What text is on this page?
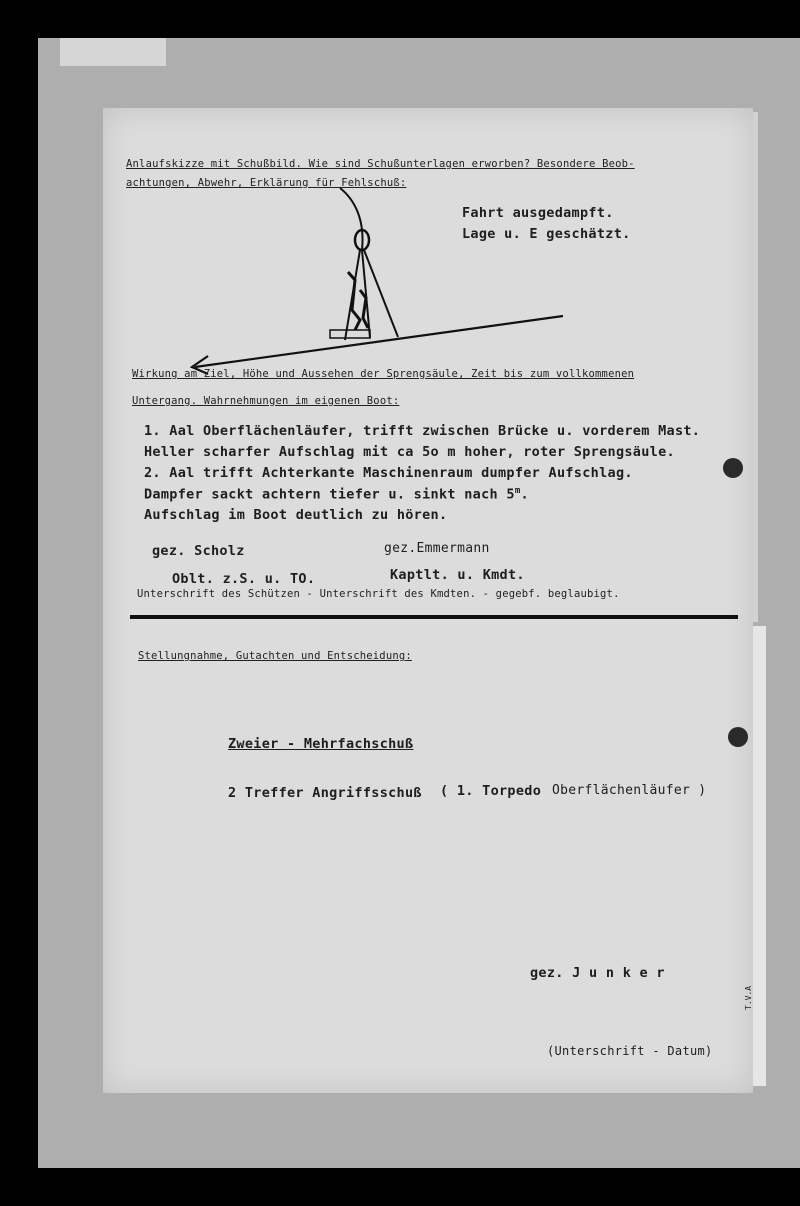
Anlaufskizze mit Schußbild. Wie sind Schußunterlagen erworben? Besondere Beob-
achtungen, Abwehr, Erklärung für Fehlschuß:
Fahrt ausgedampft.
Lage u. E geschätzt.
Wirkung am Ziel, Höhe und Aussehen der Sprengsäule, Zeit bis zum vollkommenen
Untergang. Wahrnehmungen im eigenen Boot:
1. Aal Oberflächenläufer, trifft zwischen Brücke u. vorderem Mast.
Heller scharfer Aufschlag mit ca 5o m hoher, roter Sprengsäule.
2. Aal trifft Achterkante Maschinenraum dumpfer Aufschlag.
Dampfer sackt achtern tiefer u. sinkt nach 5$^m$.
Aufschlag im Boot deutlich zu hören.
gez. Scholz	gez.Emmermann
Oblt. z.S. u. TO.	Kaptlt. u. Kmdt.
Unterschrift des Schützen - Unterschrift des Kmdten. - gegebf. beglaubigt.
Stellungnahme, Gutachten und Entscheidung:
Zweier - Mehrfachschuß
2 Treffer Angriffsschuß ( 1. Torpedo Oberflächenläufer )
gez. J u n k e r
(Unterschrift - Datum)
T.V.A
